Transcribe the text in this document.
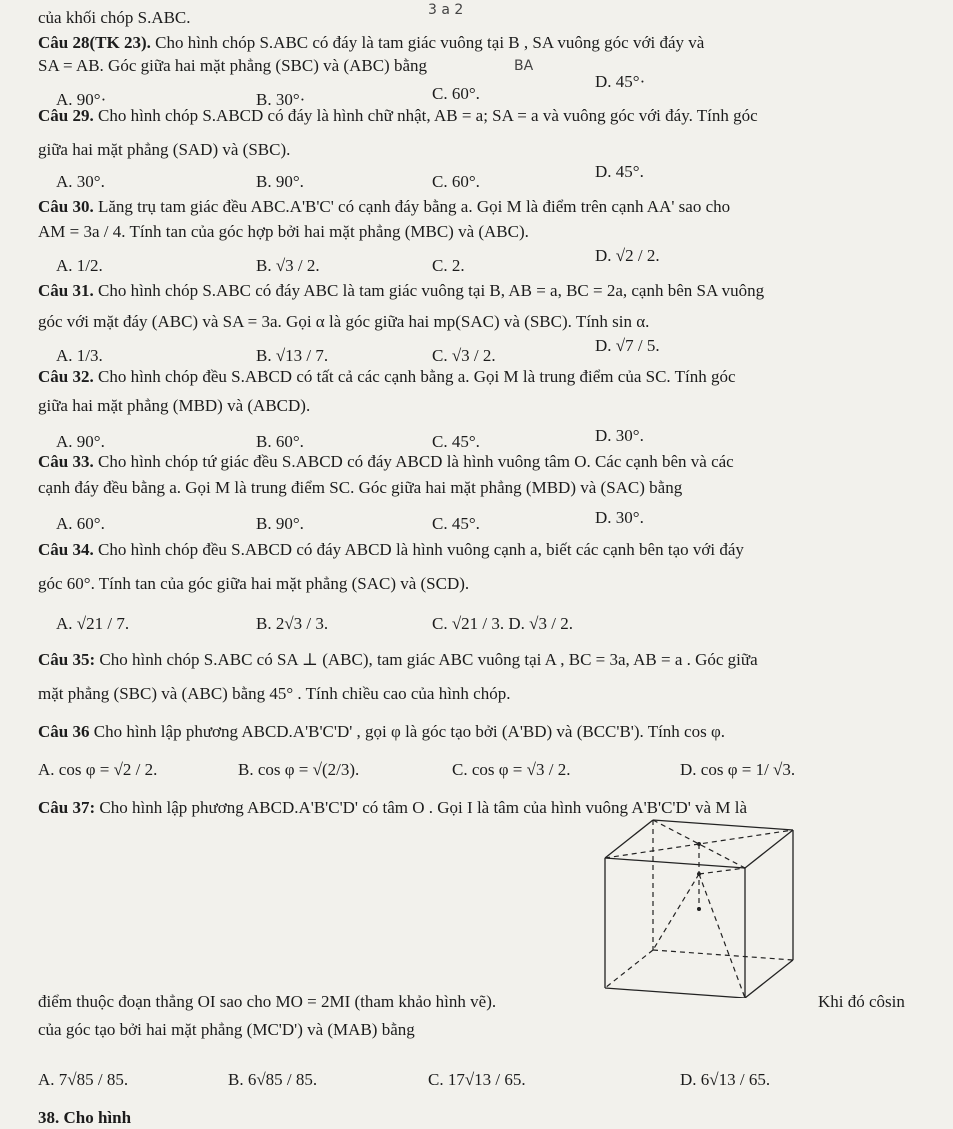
của khối chóp S.ABC.	3 a 2
Câu 28(TK 23). Cho hình chóp S.ABC có đáy là tam giác vuông tại B , SA vuông góc với đáy và
SA = AB. Góc giữa hai mặt phẳng (SBC) và (ABC) bằng	BA
A. 90°·	B. 30°·	C. 60°.
D. 45°·
Câu 29. Cho hình chóp S.ABCD có đáy là hình chữ nhật, AB = a; SA = a và vuông góc với đáy. Tính góc
giữa hai mặt phẳng (SAD) và (SBC).
A. 30°.	B. 90°.	C. 60°.
D. 45°.
Câu 30. Lăng trụ tam giác đều ABC.A'B'C' có cạnh đáy bằng a. Gọi M là điểm trên cạnh AA' sao cho
AM = 3a / 4. Tính tan của góc hợp bởi hai mặt phẳng (MBC) và (ABC).
A. 1/2.	B. √3 / 2.	C. 2.
D. √2 / 2.
Câu 31. Cho hình chóp S.ABC có đáy ABC là tam giác vuông tại B, AB = a, BC = 2a, cạnh bên SA vuông
góc với mặt đáy (ABC) và SA = 3a. Gọi α là góc giữa hai mp(SAC) và (SBC). Tính sin α.
A. 1/3.	B. √13 / 7.	C. √3 / 2.
D. √7 / 5.
Câu 32. Cho hình chóp đều S.ABCD có tất cả các cạnh bằng a. Gọi M là trung điểm của SC. Tính góc
giữa hai mặt phẳng (MBD) và (ABCD).
A. 90°.	B. 60°.	C. 45°.	D. 30°.
Câu 33. Cho hình chóp tứ giác đều S.ABCD có đáy ABCD là hình vuông tâm O. Các cạnh bên và các
cạnh đáy đều bằng a. Gọi M là trung điểm SC. Góc giữa hai mặt phẳng (MBD) và (SAC) bằng
A. 60°.	B. 90°.	C. 45°.	D. 30°.
Câu 34. Cho hình chóp đều S.ABCD có đáy ABCD là hình vuông cạnh a, biết các cạnh bên tạo với đáy
góc 60°. Tính tan của góc giữa hai mặt phẳng (SAC) và (SCD).
A. √21 / 7.	B. 2√3 / 3.	C. √21 / 3. D. √3 / 2.
Câu 35: Cho hình chóp S.ABC có SA ⊥ (ABC), tam giác ABC vuông tại A , BC = 3a, AB = a . Góc giữa
mặt phẳng (SBC) và (ABC) bằng 45° . Tính chiều cao của hình chóp.
Câu 36 Cho hình lập phương ABCD.A'B'C'D' , gọi φ là góc tạo bởi (A'BD) và (BCC'B'). Tính cos φ.
A. cos φ = √2 / 2.	B. cos φ = √(2/3).	C. cos φ = √3 / 2.	D. cos φ = 1/ √3.
Câu 37: Cho hình lập phương ABCD.A'B'C'D' có tâm O . Gọi I là tâm của hình vuông A'B'C'D' và M là
điểm thuộc đoạn thẳng OI sao cho MO = 2MI (tham khảo hình vẽ).	Khi đó côsin
của góc tạo bởi hai mặt phẳng (MC'D') và (MAB) bằng
A. 7√85 / 85.	B. 6√85 / 85.	C. 17√13 / 65.	D. 6√13 / 65.
38. Cho hình
